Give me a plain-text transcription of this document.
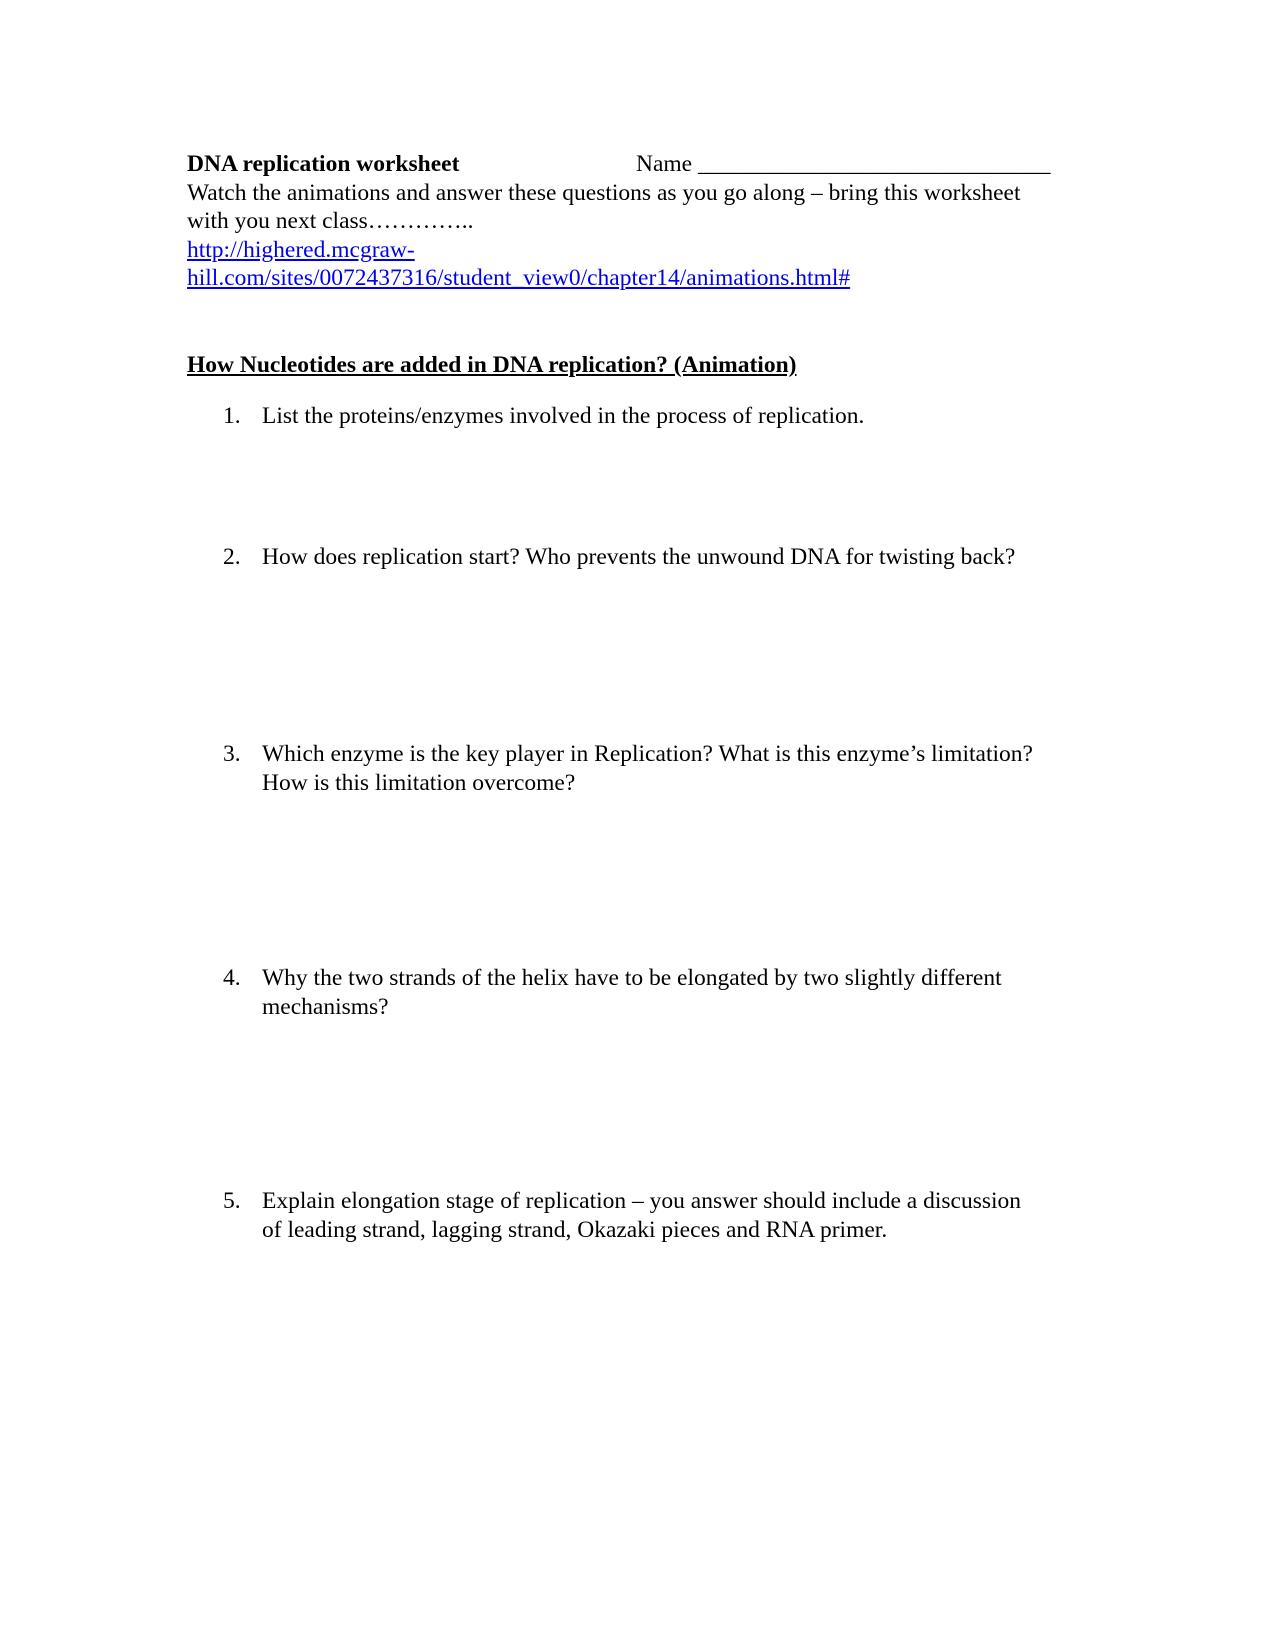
DNA replication worksheet	Name ______________________________
Watch the animations and answer these questions as you go along – bring this worksheet
with you next class…………..
http://highered.mcgraw-
hill.com/sites/0072437316/student_view0/chapter14/animations.html#
How Nucleotides are added in DNA replication? (Animation)
1. List the proteins/enzymes involved in the process of replication.
2. How does replication start? Who prevents the unwound DNA for twisting back?
3. Which enzyme is the key player in Replication? What is this enzyme’s limitation?
How is this limitation overcome?
4. Why the two strands of the helix have to be elongated by two slightly different
mechanisms?
5. Explain elongation stage of replication – you answer should include a discussion
of leading strand, lagging strand, Okazaki pieces and RNA primer.
